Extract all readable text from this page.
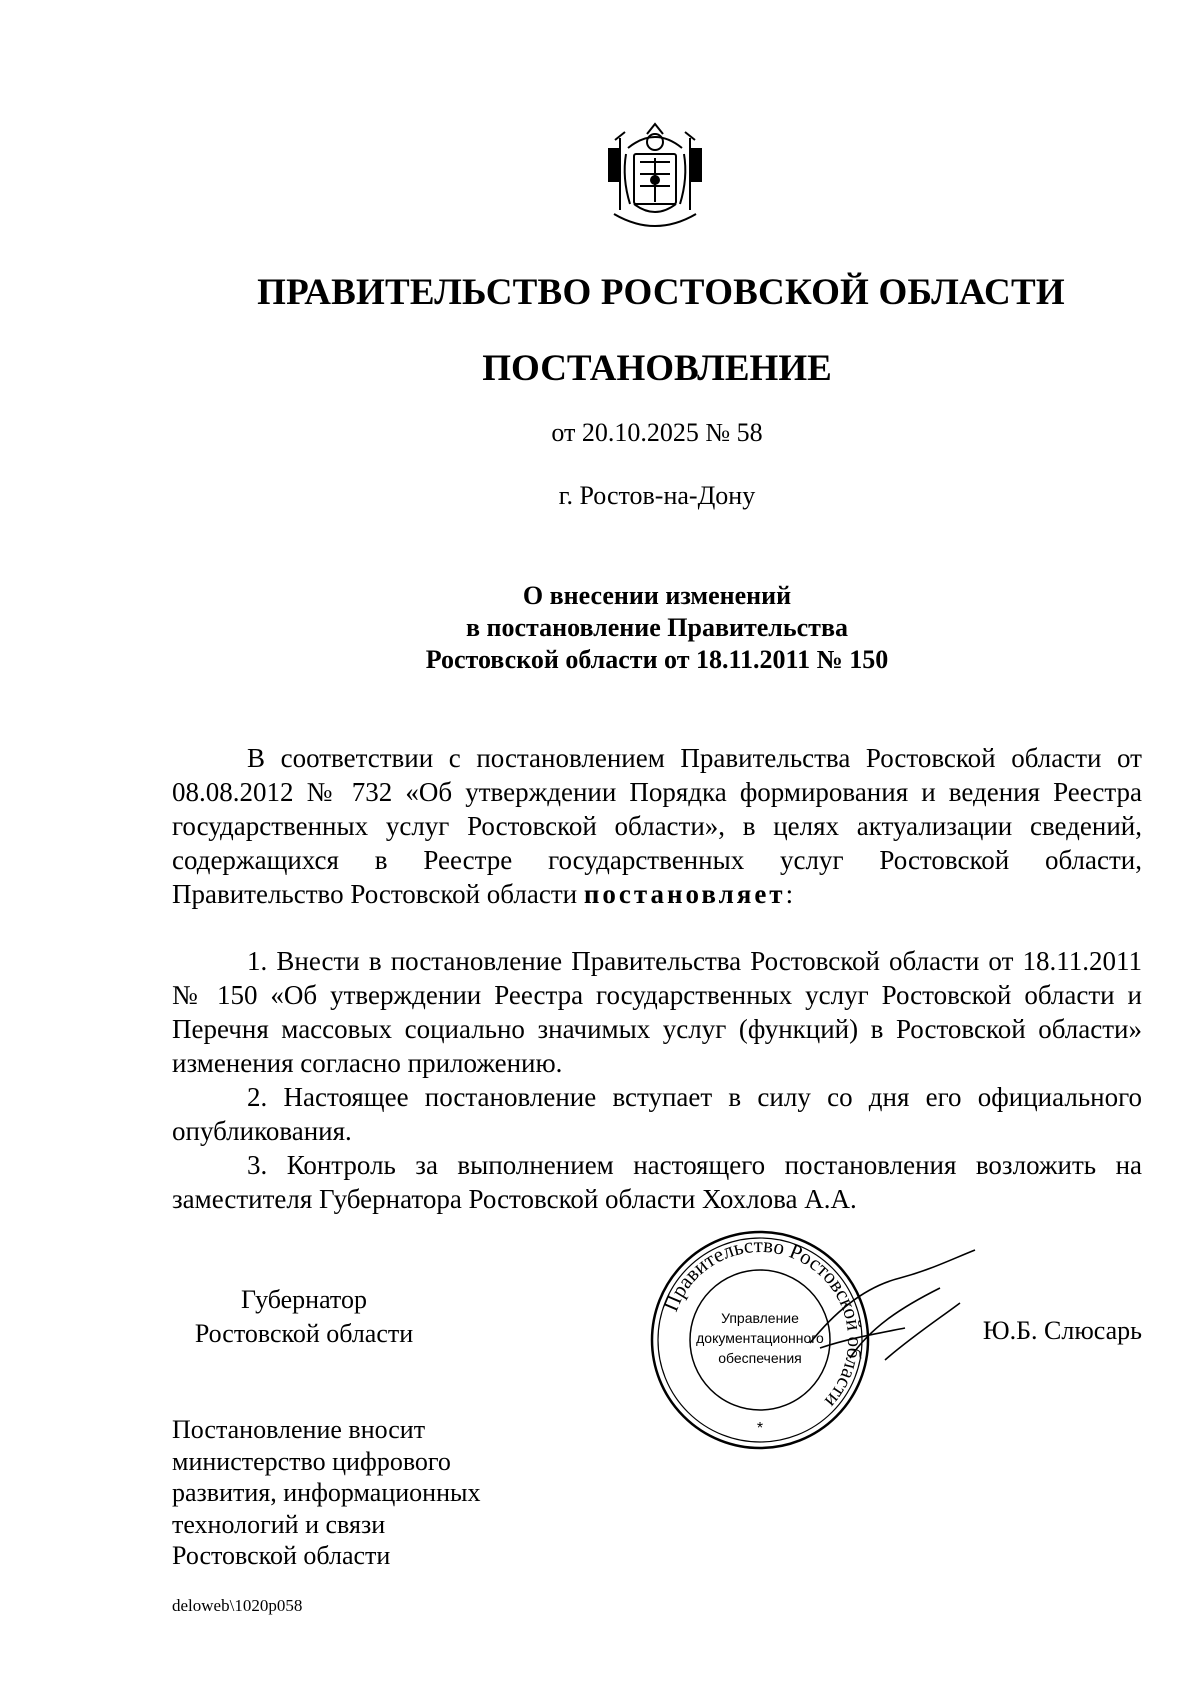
ПРАВИТЕЛЬСТВО РОСТОВСКОЙ ОБЛАСТИ
ПОСТАНОВЛЕНИЕ
от 20.10.2025 № 58
г. Ростов-на-Дону
О внесении изменений
в постановление Правительства
Ростовской области от 18.11.2011 № 150

В соответствии с постановлением Правительства Ростовской области от 08.08.2012 № 732 «Об утверждении Порядка формирования и ведения Реестра государственных услуг Ростовской области», в целях актуализации сведений, содержащихся в Реестре государственных услуг Ростовской области, Правительство Ростовской области постановляет:

1. Внести в постановление Правительства Ростовской области от 18.11.2011 № 150 «Об утверждении Реестра государственных услуг Ростовской области и Перечня массовых социально значимых услуг (функций) в Ростовской области» изменения согласно приложению.

2. Настоящее постановление вступает в силу со дня его официального опубликования.

3. Контроль за выполнением настоящего постановления возложить на заместителя Губернатора Ростовской области Хохлова А.А.

Губернатор
Ростовской области
Правительство Ростовской области
Управление
документационного
обеспечения
*
Ю.Б. Слюсарь
Постановление вносит
министерство цифрового
развития, информационных
технологий и связи
Ростовской области
deloweb\1020p058
